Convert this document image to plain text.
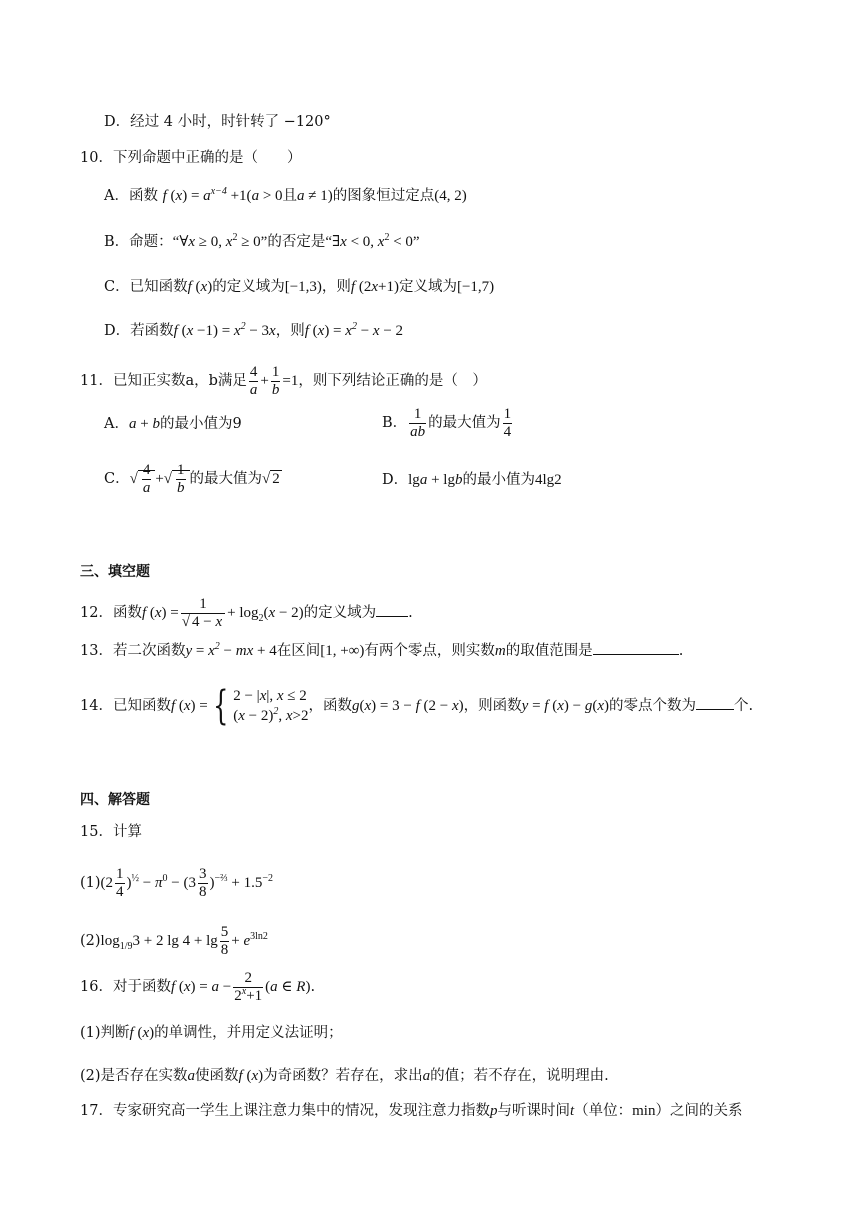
D．经过 4 小时，时针转了 −120°
10．下列命题中正确的是（　　）
A．函数 f $(x) = a^{x-4} +1(a > 0$且a ≠ 1)的图象恒过定点(4, 2)
B．命题：“∀x ≥ 0, $x^2 \ge 0$”的否定是“∃x < 0, $x^2 < 0$”
C．已知函数f (x)的定义域为[−1,3)，则f (2x+1)定义域为[−1,7)
D．若函数f $(x -1) = x^2 - 3x$，则f $(x) = x^2 - x - 2$
11．已知正实数a，b满足 $\frac{4}{a} + \frac{1}{b} =1$，则下列结论正确的是（　）
A．a + b的最小值为9	B． $\frac{1}{ab}$ 的最大值为 $\frac{1}{4}$
C．√ $\frac{4}{a}$ +√ $\frac{1}{b}$ 的最大值为√ 2	D．lga + lgb的最小值为4lg2
三、填空题
12．函数f $(x) = \frac{1}{√ 4 - x} + \log_2(x - 2)$的定义域为 .
13．若二次函数$y = x^2$ − mx + 4在区间[1, +∞)有两个零点，则实数m的取值范围是	.
14．已知函数f (x) = { 2 − |x|, x ≤ 2
$(x - 2)^2$, x>2
，函数g(x) = 3 − f (2 − x)，则函数y = f (x) − g(x)的零点个数为	个.
四、解答题
15．计算
$(1)(2 \frac{1}{4} )^{\frac{1}{2}} - \pi^0 - (3 \frac{3}{8} )^{-\frac{2}{3}} + 1.5^{-2}$
$(2)\log_{1/9}3 + 2$ $\lg 4 + \lg \frac{5}{8} + e^{3ln2}$
16．对于函数f $(x) = a - \frac{2}{2^x+1} (a$ ∈ R).
(1)判断f (x)的单调性，并用定义法证明；
(2)是否存在实数a使函数f (x)为奇函数？若存在，求出a的值；若不存在，说明理由.
17．专家研究高一学生上课注意力集中的情况，发现注意力指数p与听课时间t（单位：min）之间的关系
